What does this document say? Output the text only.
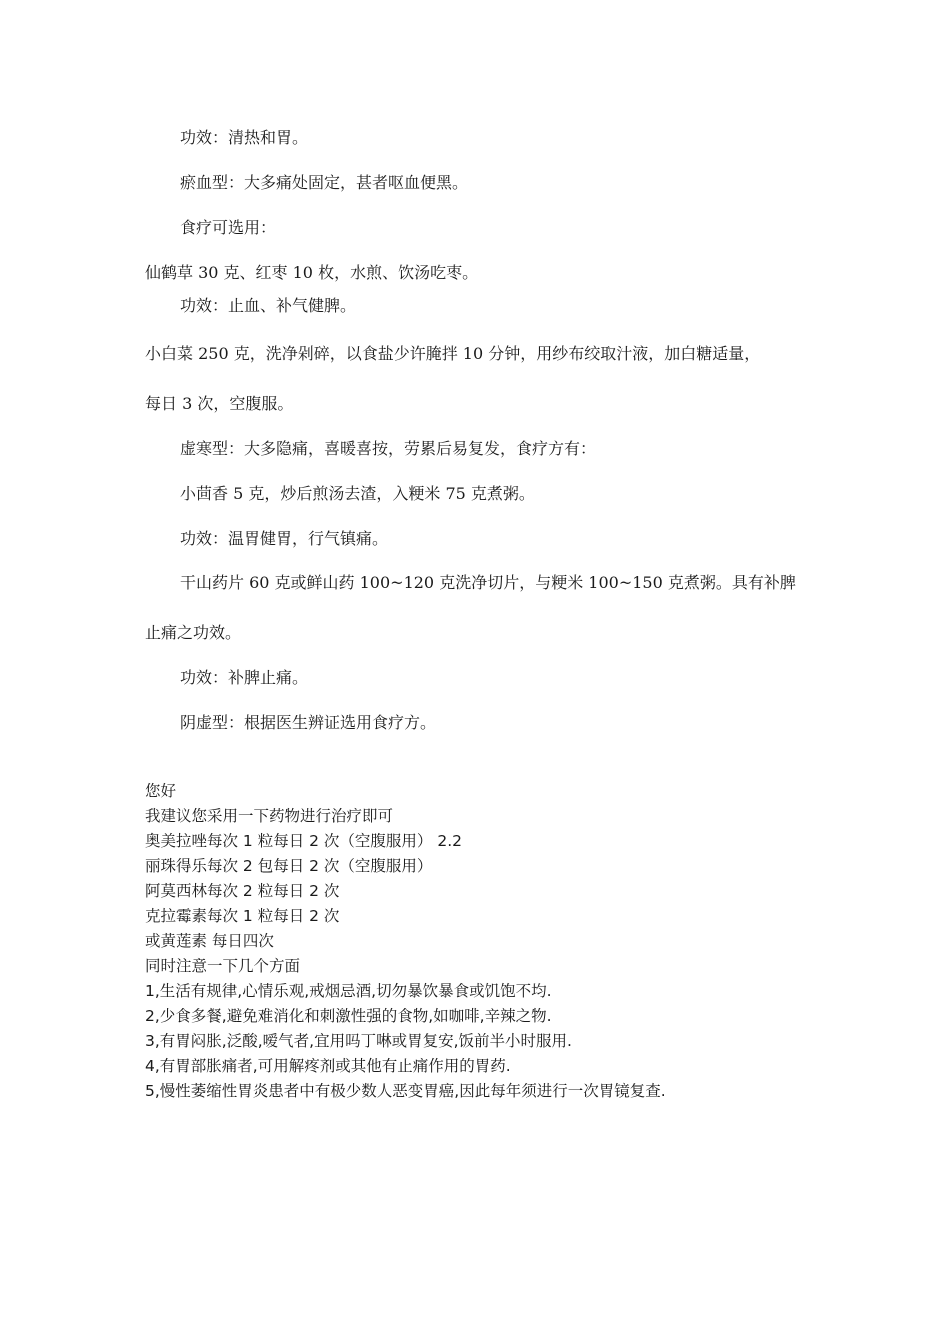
功效：清热和胃。
瘀血型：大多痛处固定，甚者呕血便黑。
食疗可选用：
仙鹤草 30 克、红枣 10 枚，水煎、饮汤吃枣。
功效：止血、补气健脾。
小白菜 250 克，洗净剁碎，以食盐少许腌拌 10 分钟，用纱布绞取汁液，加白糖适量，
每日 3 次，空腹服。
虚寒型：大多隐痛，喜暖喜按，劳累后易复发，食疗方有：
小茴香 5 克，炒后煎汤去渣，入粳米 75 克煮粥。
功效：温胃健胃，行气镇痛。
干山药片 60 克或鲜山药 100~120 克洗净切片，与粳米 100~150 克煮粥。具有补脾
止痛之功效。
功效：补脾止痛。
阴虚型：根据医生辨证选用食疗方。
您好
我建议您采用一下药物进行治疗即可
奥美拉唑每次 1 粒每日 2 次（空腹服用） 2.2
丽珠得乐每次 2 包每日 2 次（空腹服用）
阿莫西林每次 2 粒每日 2 次
克拉霉素每次 1 粒每日 2 次
或黄莲素 每日四次
同时注意一下几个方面
1,生活有规律,心情乐观,戒烟忌酒,切勿暴饮暴食或饥饱不均.
2,少食多餐,避免难消化和刺激性强的食物,如咖啡,辛辣之物.
3,有胃闷胀,泛酸,嗳气者,宜用吗丁啉或胃复安,饭前半小时服用.
4,有胃部胀痛者,可用解疼剂或其他有止痛作用的胃药.
5,慢性萎缩性胃炎患者中有极少数人恶变胃癌,因此每年须进行一次胃镜复查.
